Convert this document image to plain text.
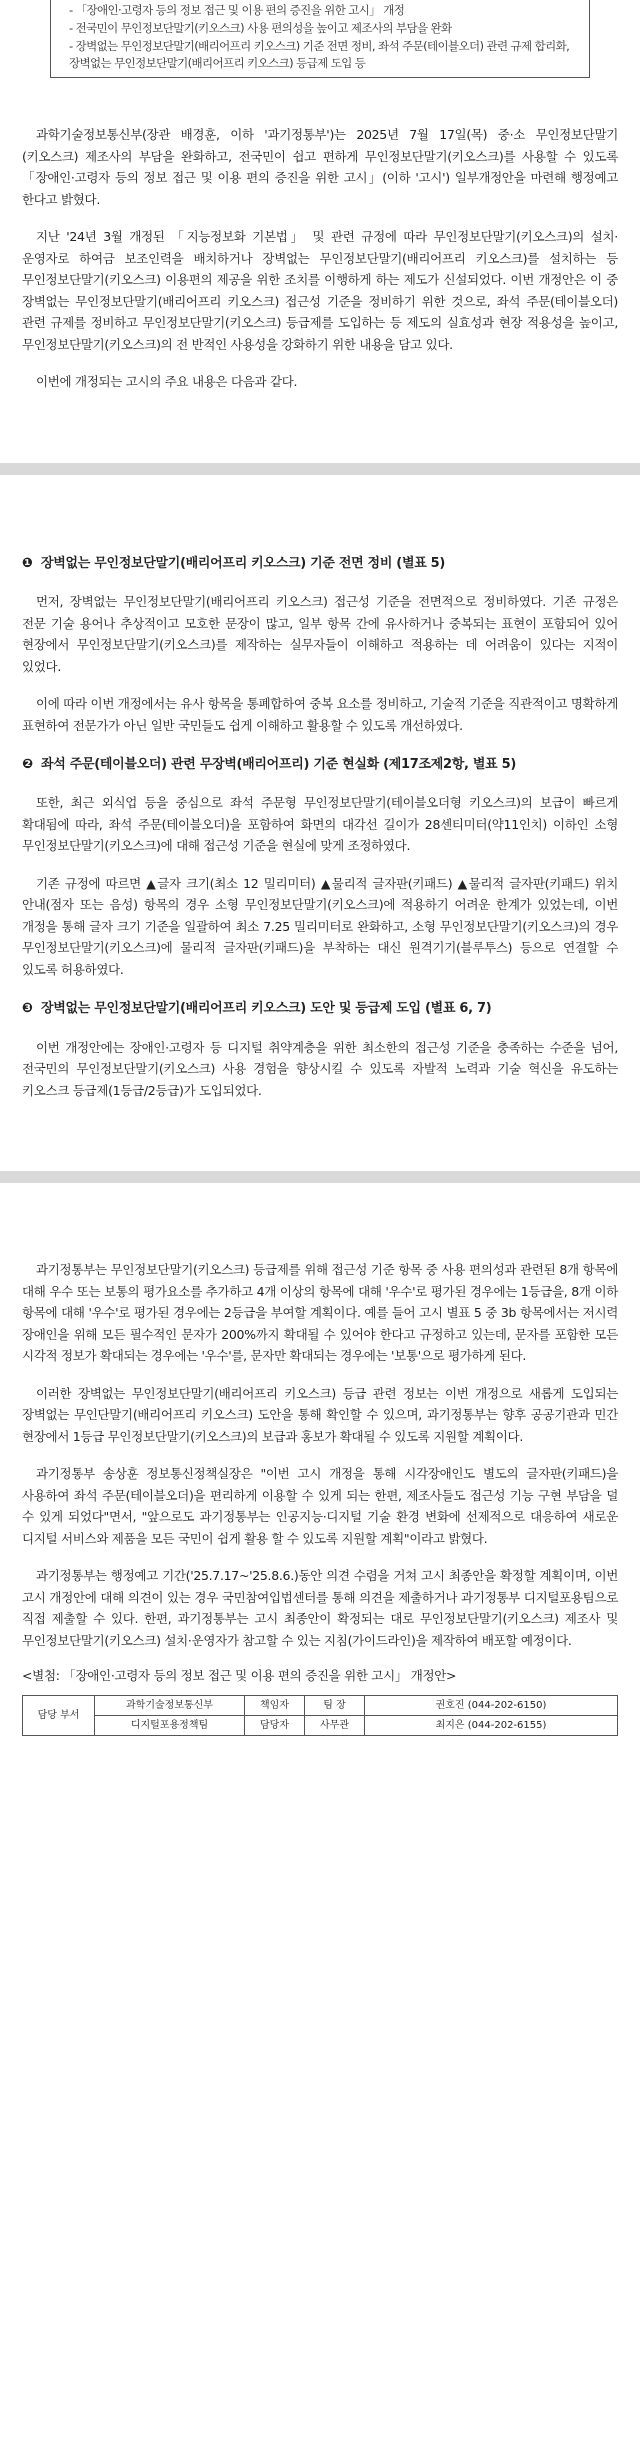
- 「장애인·고령자 등의 정보 접근 및 이용 편의 증진을 위한 고시」 개정
- 전국민이 무인정보단말기(키오스크) 사용 편의성을 높이고 제조사의 부담을 완화
- 장벽없는 무인정보단말기(배리어프리 키오스크) 기준 전면 정비, 좌석 주문(테이블오더) 관련 규제 합리화, 장벽없는 무인정보단말기(배리어프리 키오스크) 등급제 도입 등

과학기술정보통신부(장관 배경훈, 이하 '과기정통부')는 2025년 7월 17일(목) 중·소 무인정보단말기(키오스크) 제조사의 부담을 완화하고, 전국민이 쉽고 편하게 무인정보단말기(키오스크)를 사용할 수 있도록 「장애인·고령자 등의 정보 접근 및 이용 편의 증진을 위한 고시」(이하 '고시') 일부개정안을 마련해 행정예고 한다고 밝혔다.

지난 '24년 3월 개정된 「지능정보화 기본법」 및 관련 규정에 따라 무인정보단말기(키오스크)의 설치·운영자로 하여금 보조인력을 배치하거나 장벽없는 무인정보단말기(배리어프리 키오스크)를 설치하는 등 무인정보단말기(키오스크) 이용편의 제공을 위한 조치를 이행하게 하는 제도가 신설되었다. 이번 개정안은 이 중 장벽없는 무인정보단말기(배리어프리 키오스크) 접근성 기준을 정비하기 위한 것으로, 좌석 주문(테이블오더) 관련 규제를 정비하고 무인정보단말기(키오스크) 등급제를 도입하는 등 제도의 실효성과 현장 적용성을 높이고, 무인정보단말기(키오스크)의 전 반적인 사용성을 강화하기 위한 내용을 담고 있다.

이번에 개정되는 고시의 주요 내용은 다음과 같다.

❶ 장벽없는 무인정보단말기(배리어프리 키오스크) 기준 전면 정비 (별표 5)

먼저, 장벽없는 무인정보단말기(배리어프리 키오스크) 접근성 기준을 전면적으로 정비하였다. 기존 규정은 전문 기술 용어나 추상적이고 모호한 문장이 많고, 일부 항목 간에 유사하거나 중복되는 표현이 포함되어 있어 현장에서 무인정보단말기(키오스크)를 제작하는 실무자들이 이해하고 적용하는 데 어려움이 있다는 지적이 있었다.

이에 따라 이번 개정에서는 유사 항목을 통폐합하여 중복 요소를 정비하고, 기술적 기준을 직관적이고 명확하게 표현하여 전문가가 아닌 일반 국민들도 쉽게 이해하고 활용할 수 있도록 개선하였다.

❷ 좌석 주문(테이블오더) 관련 무장벽(배리어프리) 기준 현실화 (제17조제2항, 별표 5)

또한, 최근 외식업 등을 중심으로 좌석 주문형 무인정보단말기(테이블오더형 키오스크)의 보급이 빠르게 확대됨에 따라, 좌석 주문(테이블오더)을 포함하여 화면의 대각선 길이가 28센티미터(약11인치) 이하인 소형 무인정보단말기(키오스크)에 대해 접근성 기준을 현실에 맞게 조정하였다.

기존 규정에 따르면 ▲글자 크기(최소 12 밀리미터) ▲물리적 글자판(키패드) ▲물리적 글자판(키패드) 위치 안내(점자 또는 음성) 항목의 경우 소형 무인정보단말기(키오스크)에 적용하기 어려운 한계가 있었는데, 이번 개정을 통해 글자 크기 기준을 일괄하여 최소 7.25 밀리미터로 완화하고, 소형 무인정보단말기(키오스크)의 경우 무인정보단말기(키오스크)에 물리적 글자판(키패드)을 부착하는 대신 원격기기(블루투스) 등으로 연결할 수 있도록 허용하였다.

❸ 장벽없는 무인정보단말기(배리어프리 키오스크) 도안 및 등급제 도입 (별표 6, 7)

이번 개정안에는 장애인·고령자 등 디지털 취약계층을 위한 최소한의 접근성 기준을 충족하는 수준을 넘어, 전국민의 무인정보단말기(키오스크) 사용 경험을 향상시킬 수 있도록 자발적 노력과 기술 혁신을 유도하는 키오스크 등급제(1등급/2등급)가 도입되었다.

과기정통부는 무인정보단말기(키오스크) 등급제를 위해 접근성 기준 항목 중 사용 편의성과 관련된 8개 항목에 대해 우수 또는 보통의 평가요소를 추가하고 4개 이상의 항목에 대해 '우수'로 평가된 경우에는 1등급을, 8개 이하 항목에 대해 '우수'로 평가된 경우에는 2등급을 부여할 계획이다. 예를 들어 고시 별표 5 중 3b 항목에서는 저시력 장애인을 위해 모든 필수적인 문자가 200%까지 확대될 수 있어야 한다고 규정하고 있는데, 문자를 포함한 모든 시각적 정보가 확대되는 경우에는 '우수'를, 문자만 확대되는 경우에는 '보통'으로 평가하게 된다.

이러한 장벽없는 무인정보단말기(배리어프리 키오스크) 등급 관련 정보는 이번 개정으로 새롭게 도입되는 장벽없는 무인단말기(배리어프리 키오스크) 도안을 통해 확인할 수 있으며, 과기정통부는 향후 공공기관과 민간 현장에서 1등급 무인정보단말기(키오스크)의 보급과 홍보가 확대될 수 있도록 지원할 계획이다.

과기정통부 송상훈 정보통신정책실장은 "이번 고시 개정을 통해 시각장애인도 별도의 글자판(키패드)을 사용하여 좌석 주문(테이블오더)을 편리하게 이용할 수 있게 되는 한편, 제조사들도 접근성 기능 구현 부담을 덜 수 있게 되었다"면서, "앞으로도 과기정통부는 인공지능·디지털 기술 환경 변화에 선제적으로 대응하여 새로운 디지털 서비스와 제품을 모든 국민이 쉽게 활용 할 수 있도록 지원할 계획"이라고 밝혔다.

과기정통부는 행정예고 기간('25.7.17~'25.8.6.)동안 의견 수렴을 거쳐 고시 최종안을 확정할 계획이며, 이번 고시 개정안에 대해 의견이 있는 경우 국민참여입법센터를 통해 의견을 제출하거나 과기정통부 디지털포용팀으로 직접 제출할 수 있다. 한편, 과기정통부는 고시 최종안이 확정되는 대로 무인정보단말기(키오스크) 제조사 및 무인정보단말기(키오스크) 설치·운영자가 참고할 수 있는 지침(가이드라인)을 제작하여 배포할 예정이다.

<별첨: 「장애인·고령자 등의 정보 접근 및 이용 편의 증진을 위한 고시」 개정안>

담당 부서	과학기술정보통신부	책임자	팀 장	권호진 (044-202-6150)
	디지털포용정책팀	담당자	사무관	최지은 (044-202-6155)
